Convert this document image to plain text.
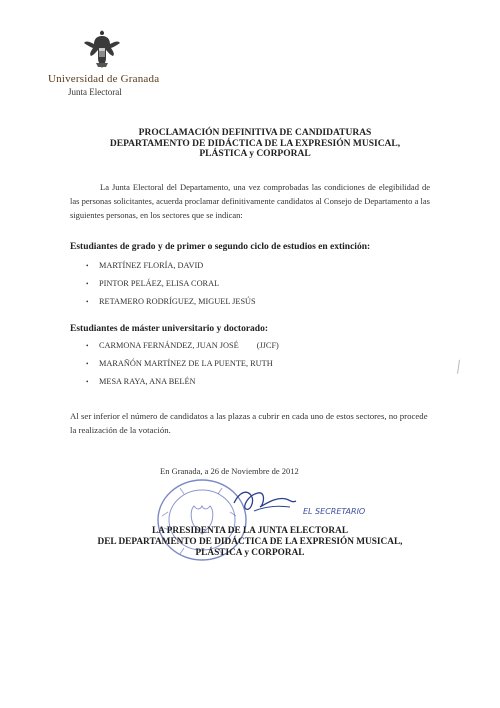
Universidad de Granada
Junta Electoral
PROCLAMACIÓN DEFINITIVA DE CANDIDATURAS
DEPARTAMENTO DE DIDÁCTICA DE LA EXPRESIÓN MUSICAL,
PLÁSTICA y CORPORAL
La Junta Electoral del Departamento, una vez comprobadas las condiciones de elegibilidad de las personas solicitantes, acuerda proclamar definitivamente candidatos al Consejo de Departamento a las siguientes personas, en los sectores que se indican:
Estudiantes de grado y de primer o segundo ciclo de estudios en extinción:
• MARTÍNEZ FLORÍA, DAVID
• PINTOR PELÁEZ, ELISA CORAL
• RETAMERO RODRÍGUEZ, MIGUEL JESÚS
Estudiantes de máster universitario y doctorado:
• CARMONA FERNÁNDEZ, JUAN JOSÉ (JJCF)
• MARAÑÓN MARTÍNEZ DE LA PUENTE, RUTH
• MESA RAYA, ANA BELÉN
Al ser inferior el número de candidatos a las plazas a cubrir en cada uno de estos sectores, no procede la realización de la votación.
En Granada, a 26 de Noviembre de 2012
EL SECRETARIO
LA PRESIDENTA DE LA JUNTA ELECTORAL
DEL DEPARTAMENTO DE DIDÁCTICA DE LA EXPRESIÓN MUSICAL,
PLÁSTICA y CORPORAL
